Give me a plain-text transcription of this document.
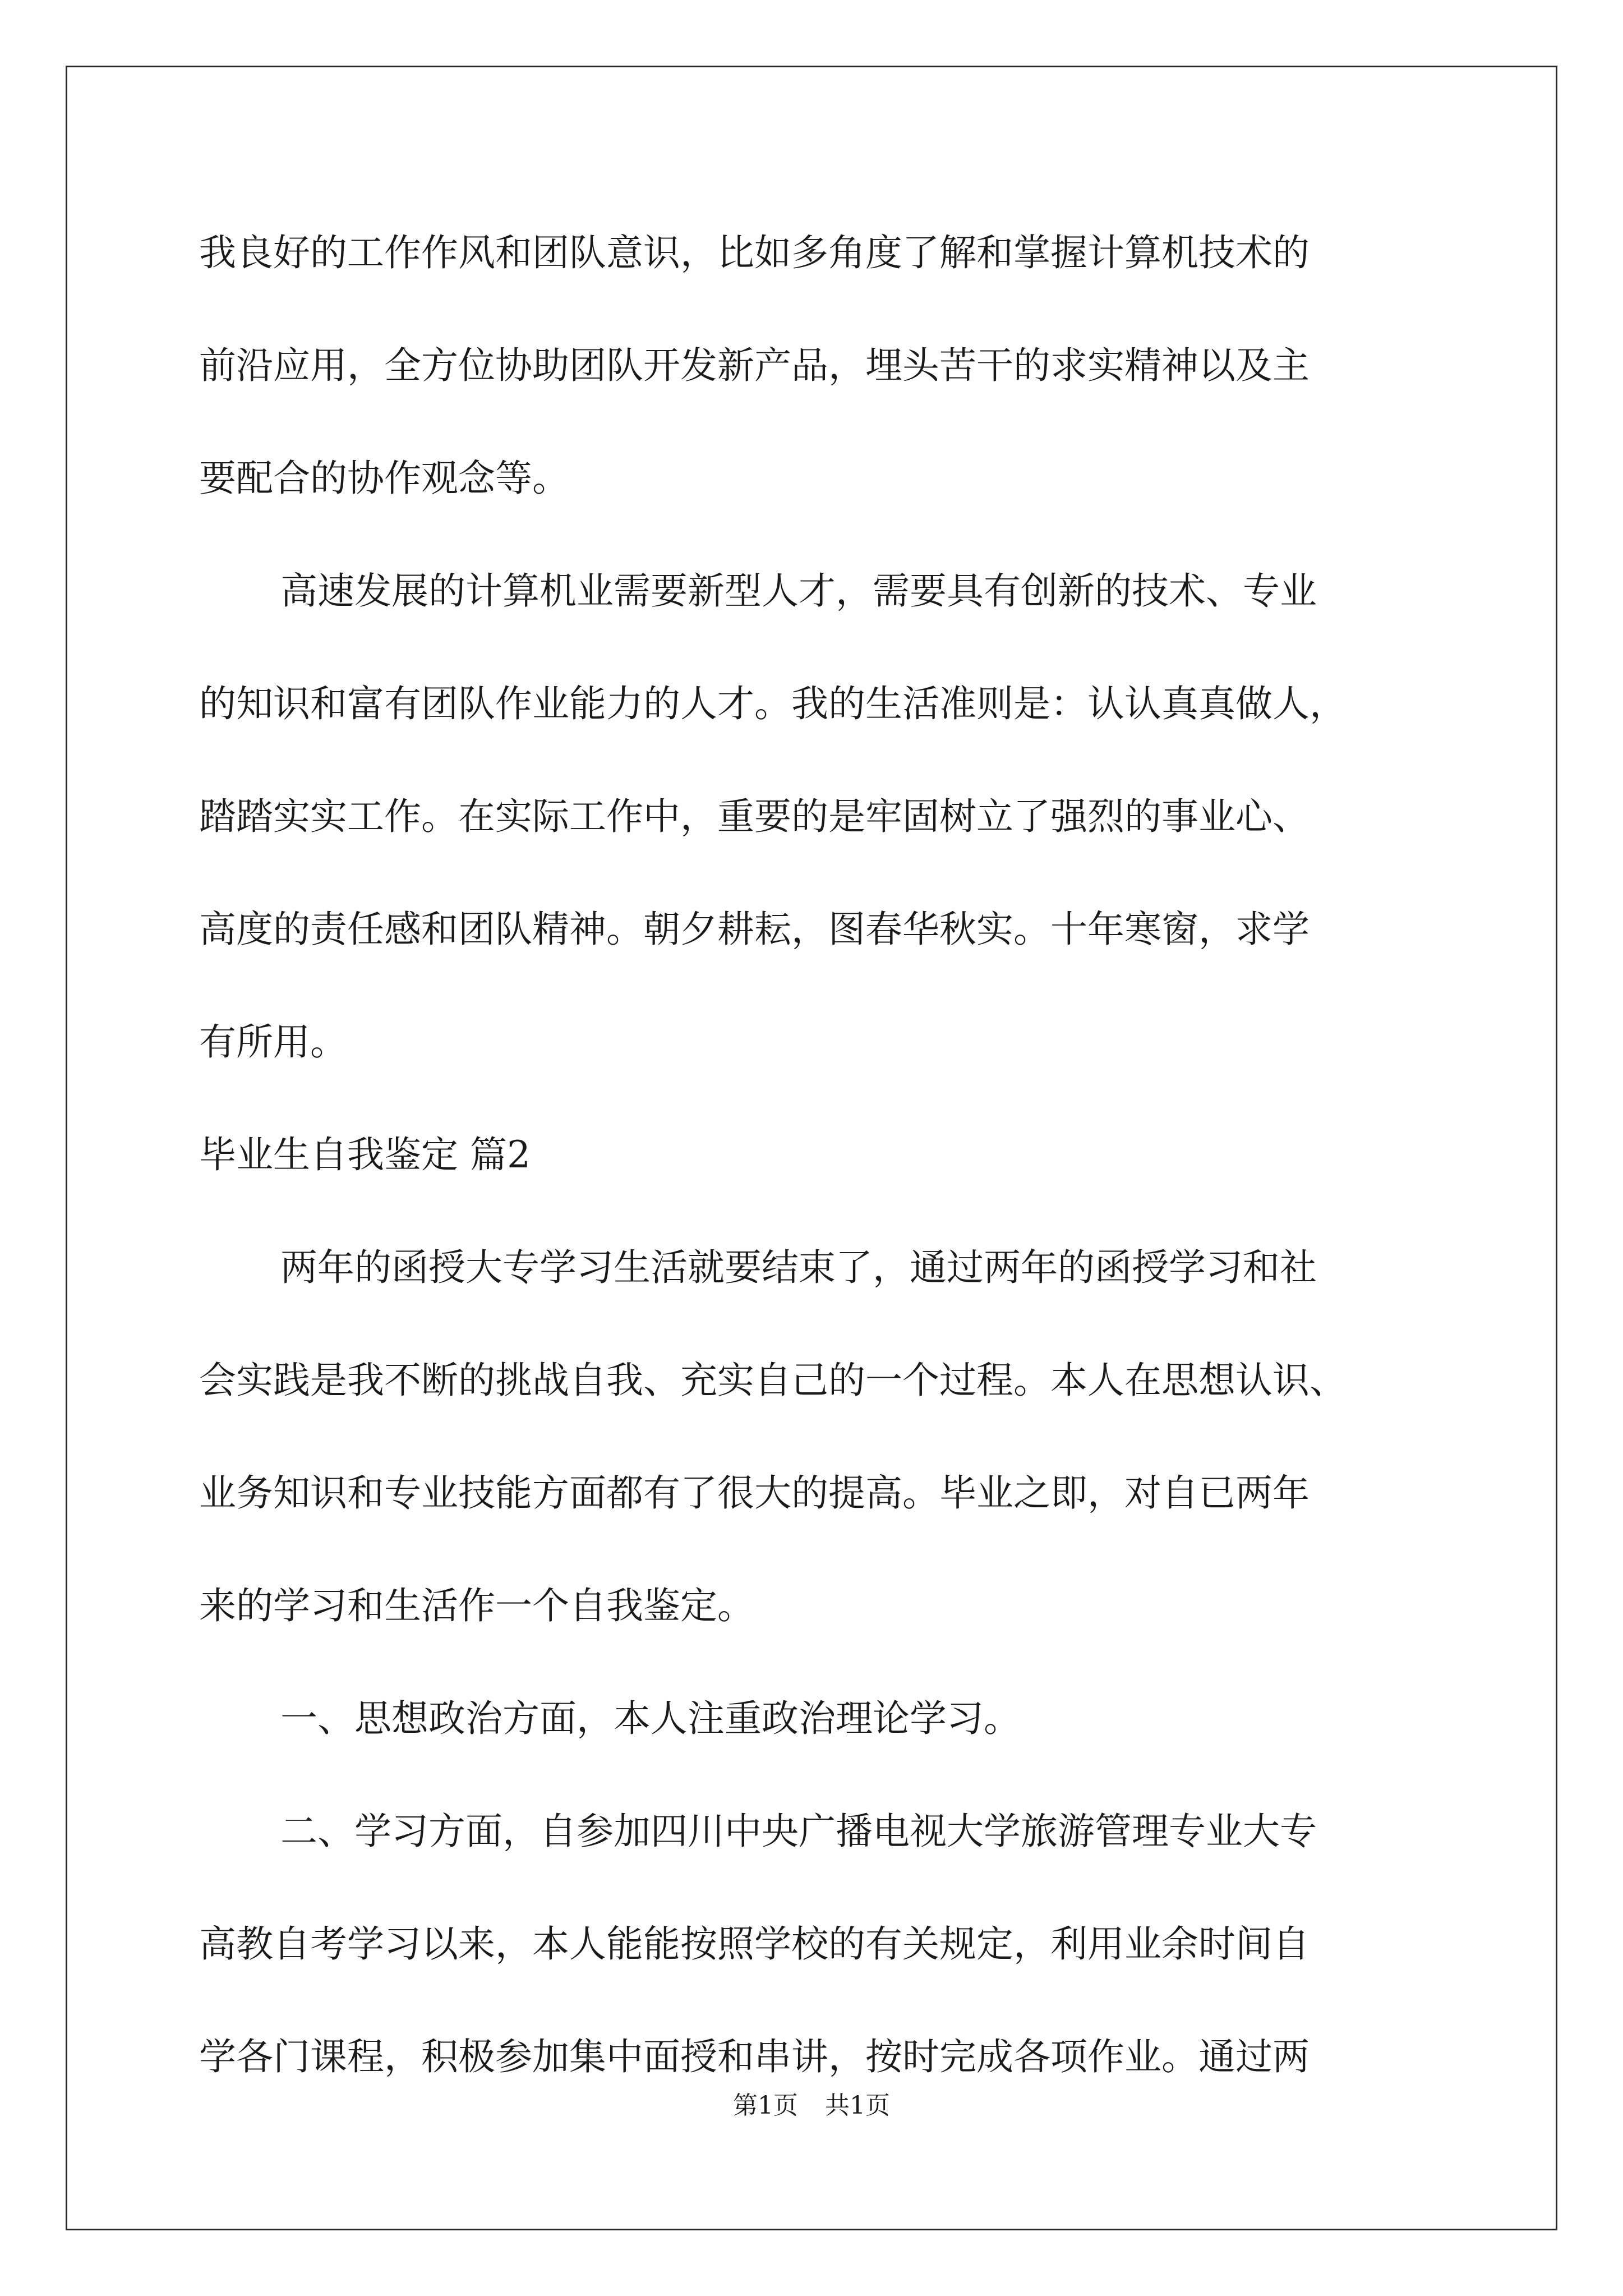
我良好的工作作风和团队意识，比如多角度了解和掌握计算机技术的
前沿应用，全方位协助团队开发新产品，埋头苦干的求实精神以及主
要配合的协作观念等。
高速发展的计算机业需要新型人才，需要具有创新的技术、专业
的知识和富有团队作业能力的人才。我的生活准则是：认认真真做人，
踏踏实实工作。在实际工作中，重要的是牢固树立了强烈的事业心、
高度的责任感和团队精神。朝夕耕耘，图春华秋实。十年寒窗，求学
有所用。
毕业生自我鉴定 篇2
两年的函授大专学习生活就要结束了，通过两年的函授学习和社
会实践是我不断的挑战自我、充实自己的一个过程。本人在思想认识、
业务知识和专业技能方面都有了很大的提高。毕业之即，对自已两年
来的学习和生活作一个自我鉴定。
一、思想政治方面，本人注重政治理论学习。
二、学习方面，自参加四川中央广播电视大学旅游管理专业大专
高教自考学习以来，本人能能按照学校的有关规定，利用业余时间自
学各门课程，积极参加集中面授和串讲，按时完成各项作业。通过两
第1页 共1页
